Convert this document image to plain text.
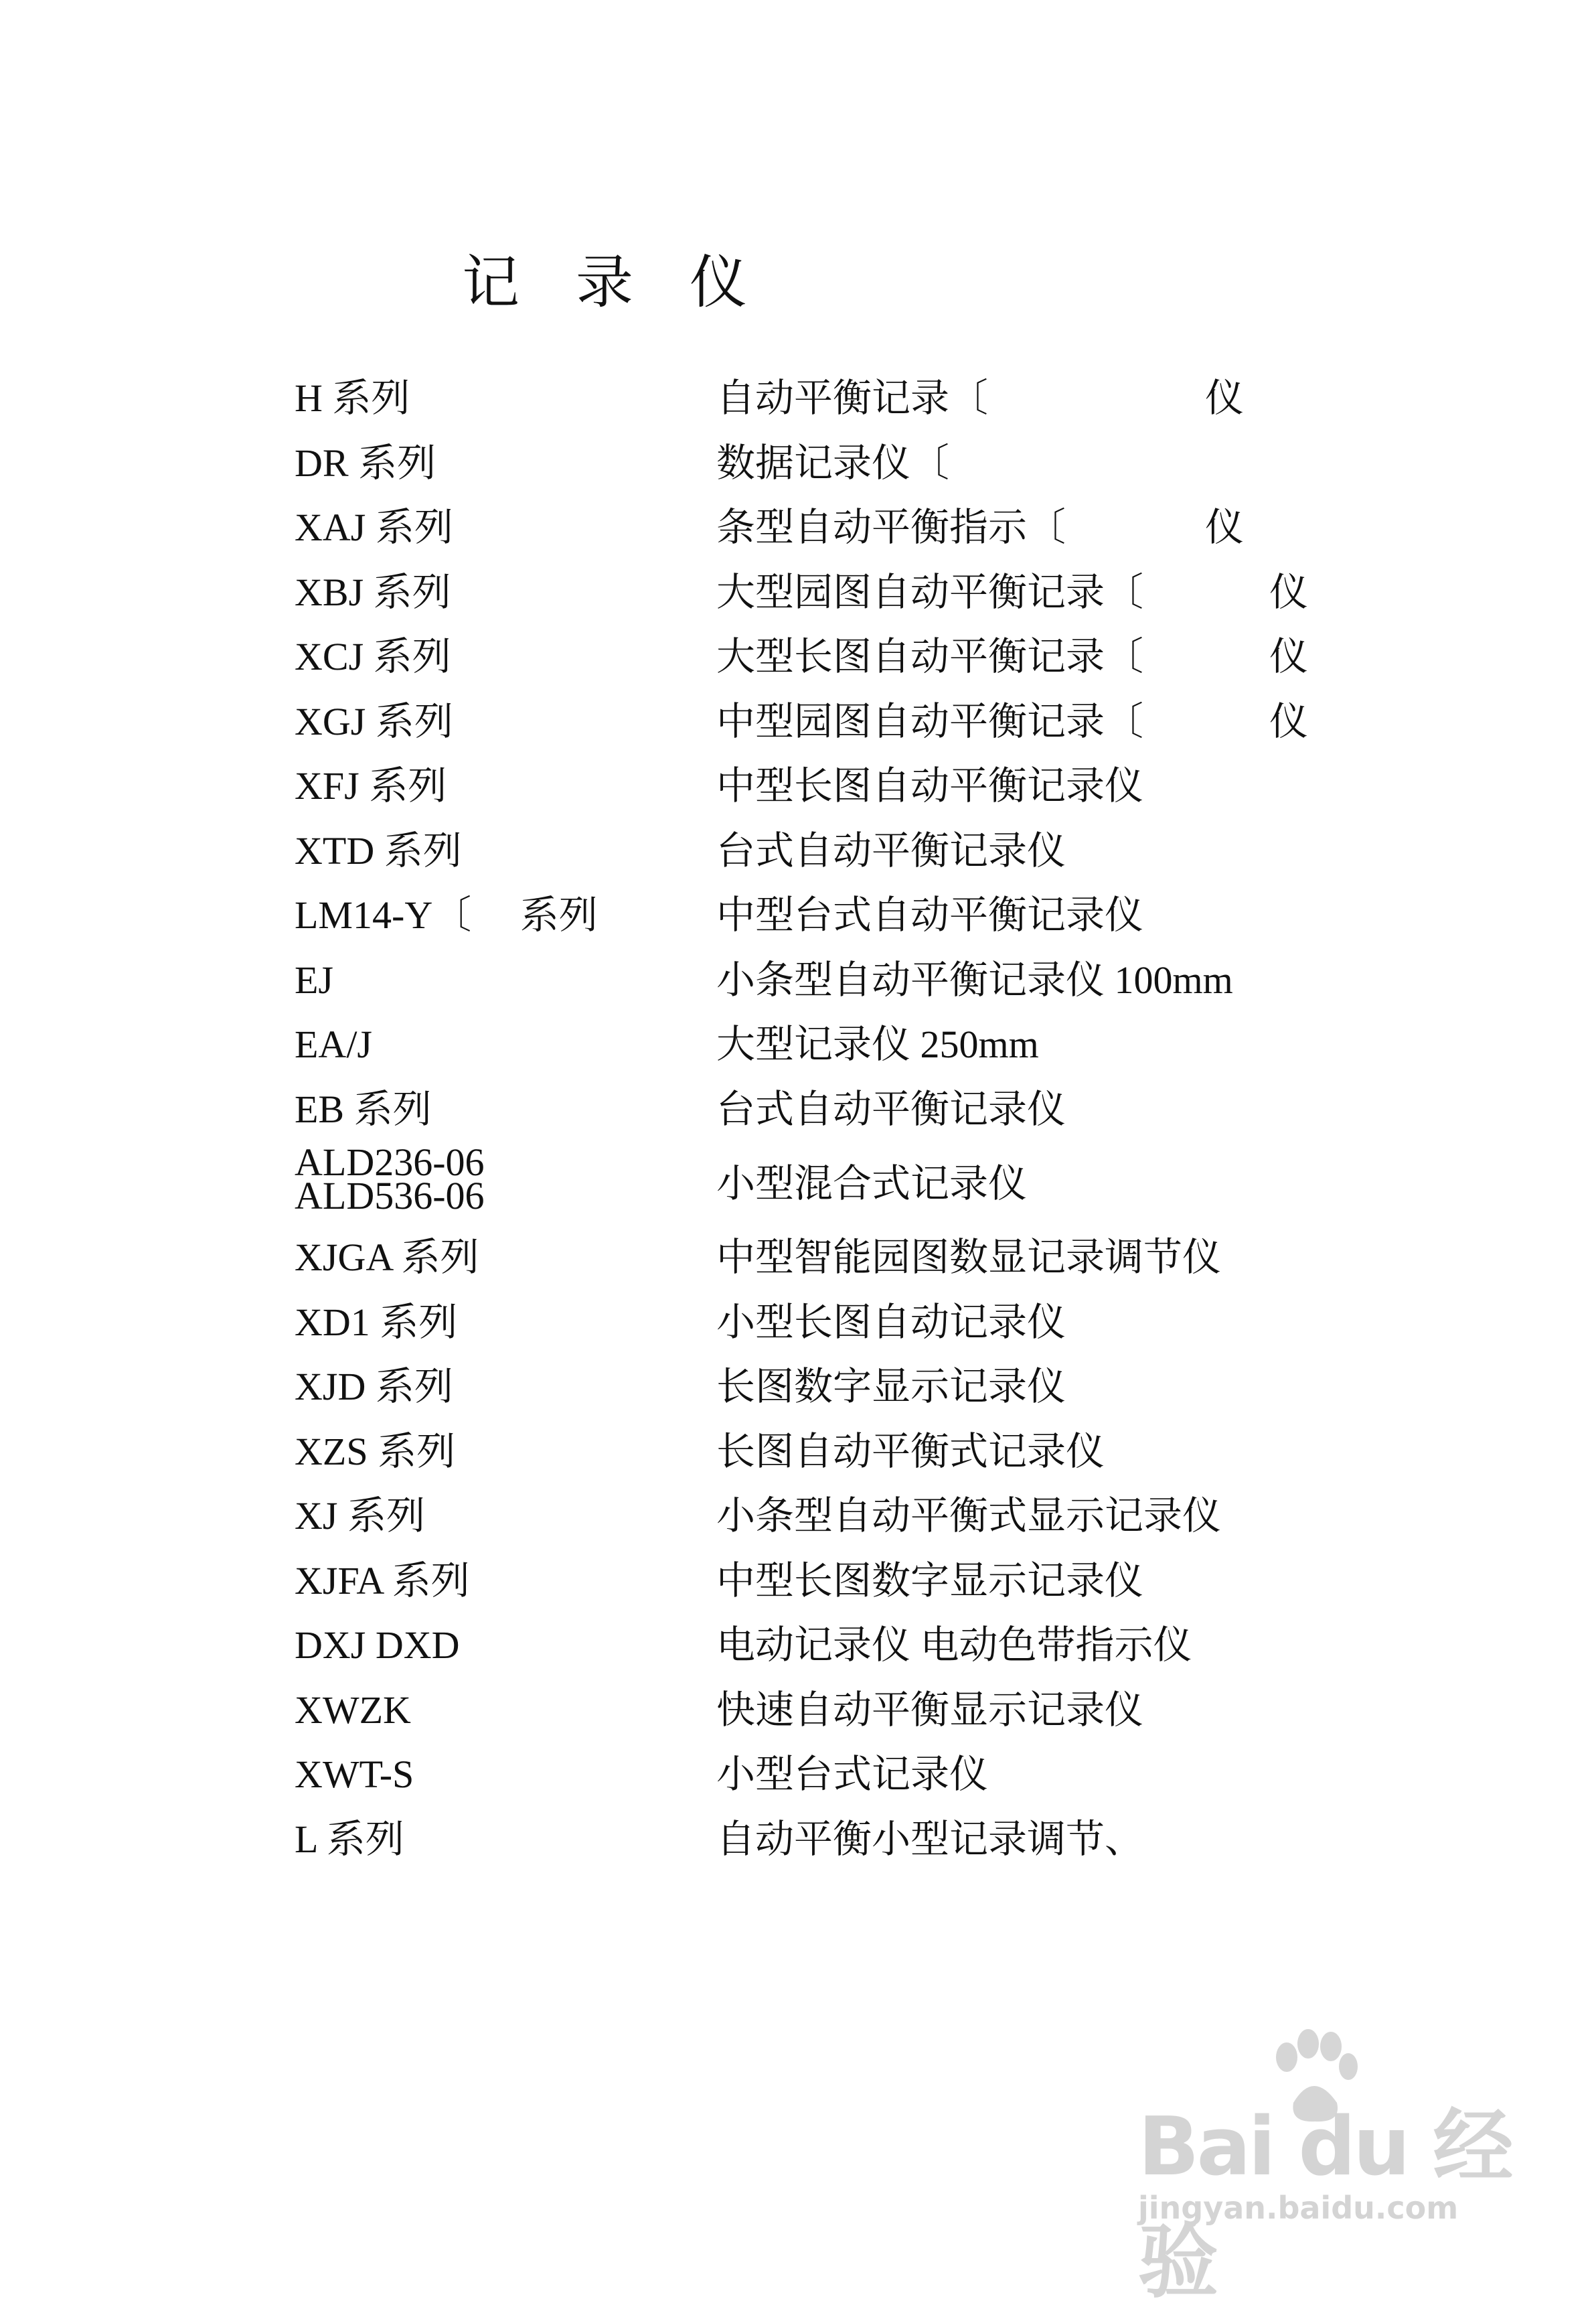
记 录 仪
H 系列	自动平衡记录〔	仪
DR 系列	数据记录仪〔
XAJ 系列	条型自动平衡指示〔	仪
XBJ 系列	大型园图自动平衡记录〔	仪
XCJ 系列	大型长图自动平衡记录〔	仪
XGJ 系列	中型园图自动平衡记录〔	仪
XFJ 系列	中型长图自动平衡记录仪
XTD 系列	台式自动平衡记录仪
LM14-Y〔　 系列	中型台式自动平衡记录仪
EJ	小条型自动平衡记录仪 100mm
EA/J	大型记录仪 250mm
EB 系列	台式自动平衡记录仪
ALD236-06
ALD536-06	小型混合式记录仪
XJGA 系列	中型智能园图数显记录调节仪
XD1 系列	小型长图自动记录仪
XJD 系列	长图数字显示记录仪
XZS 系列	长图自动平衡式记录仪
XJ 系列	小条型自动平衡式显示记录仪
XJFA 系列	中型长图数字显示记录仪
DXJ DXD	电动记录仪 电动色带指示仪
XWZK	快速自动平衡显示记录仪
XWT-S	小型台式记录仪
L 系列	自动平衡小型记录调节、
Bai du 经验
jingyan.baidu.com
